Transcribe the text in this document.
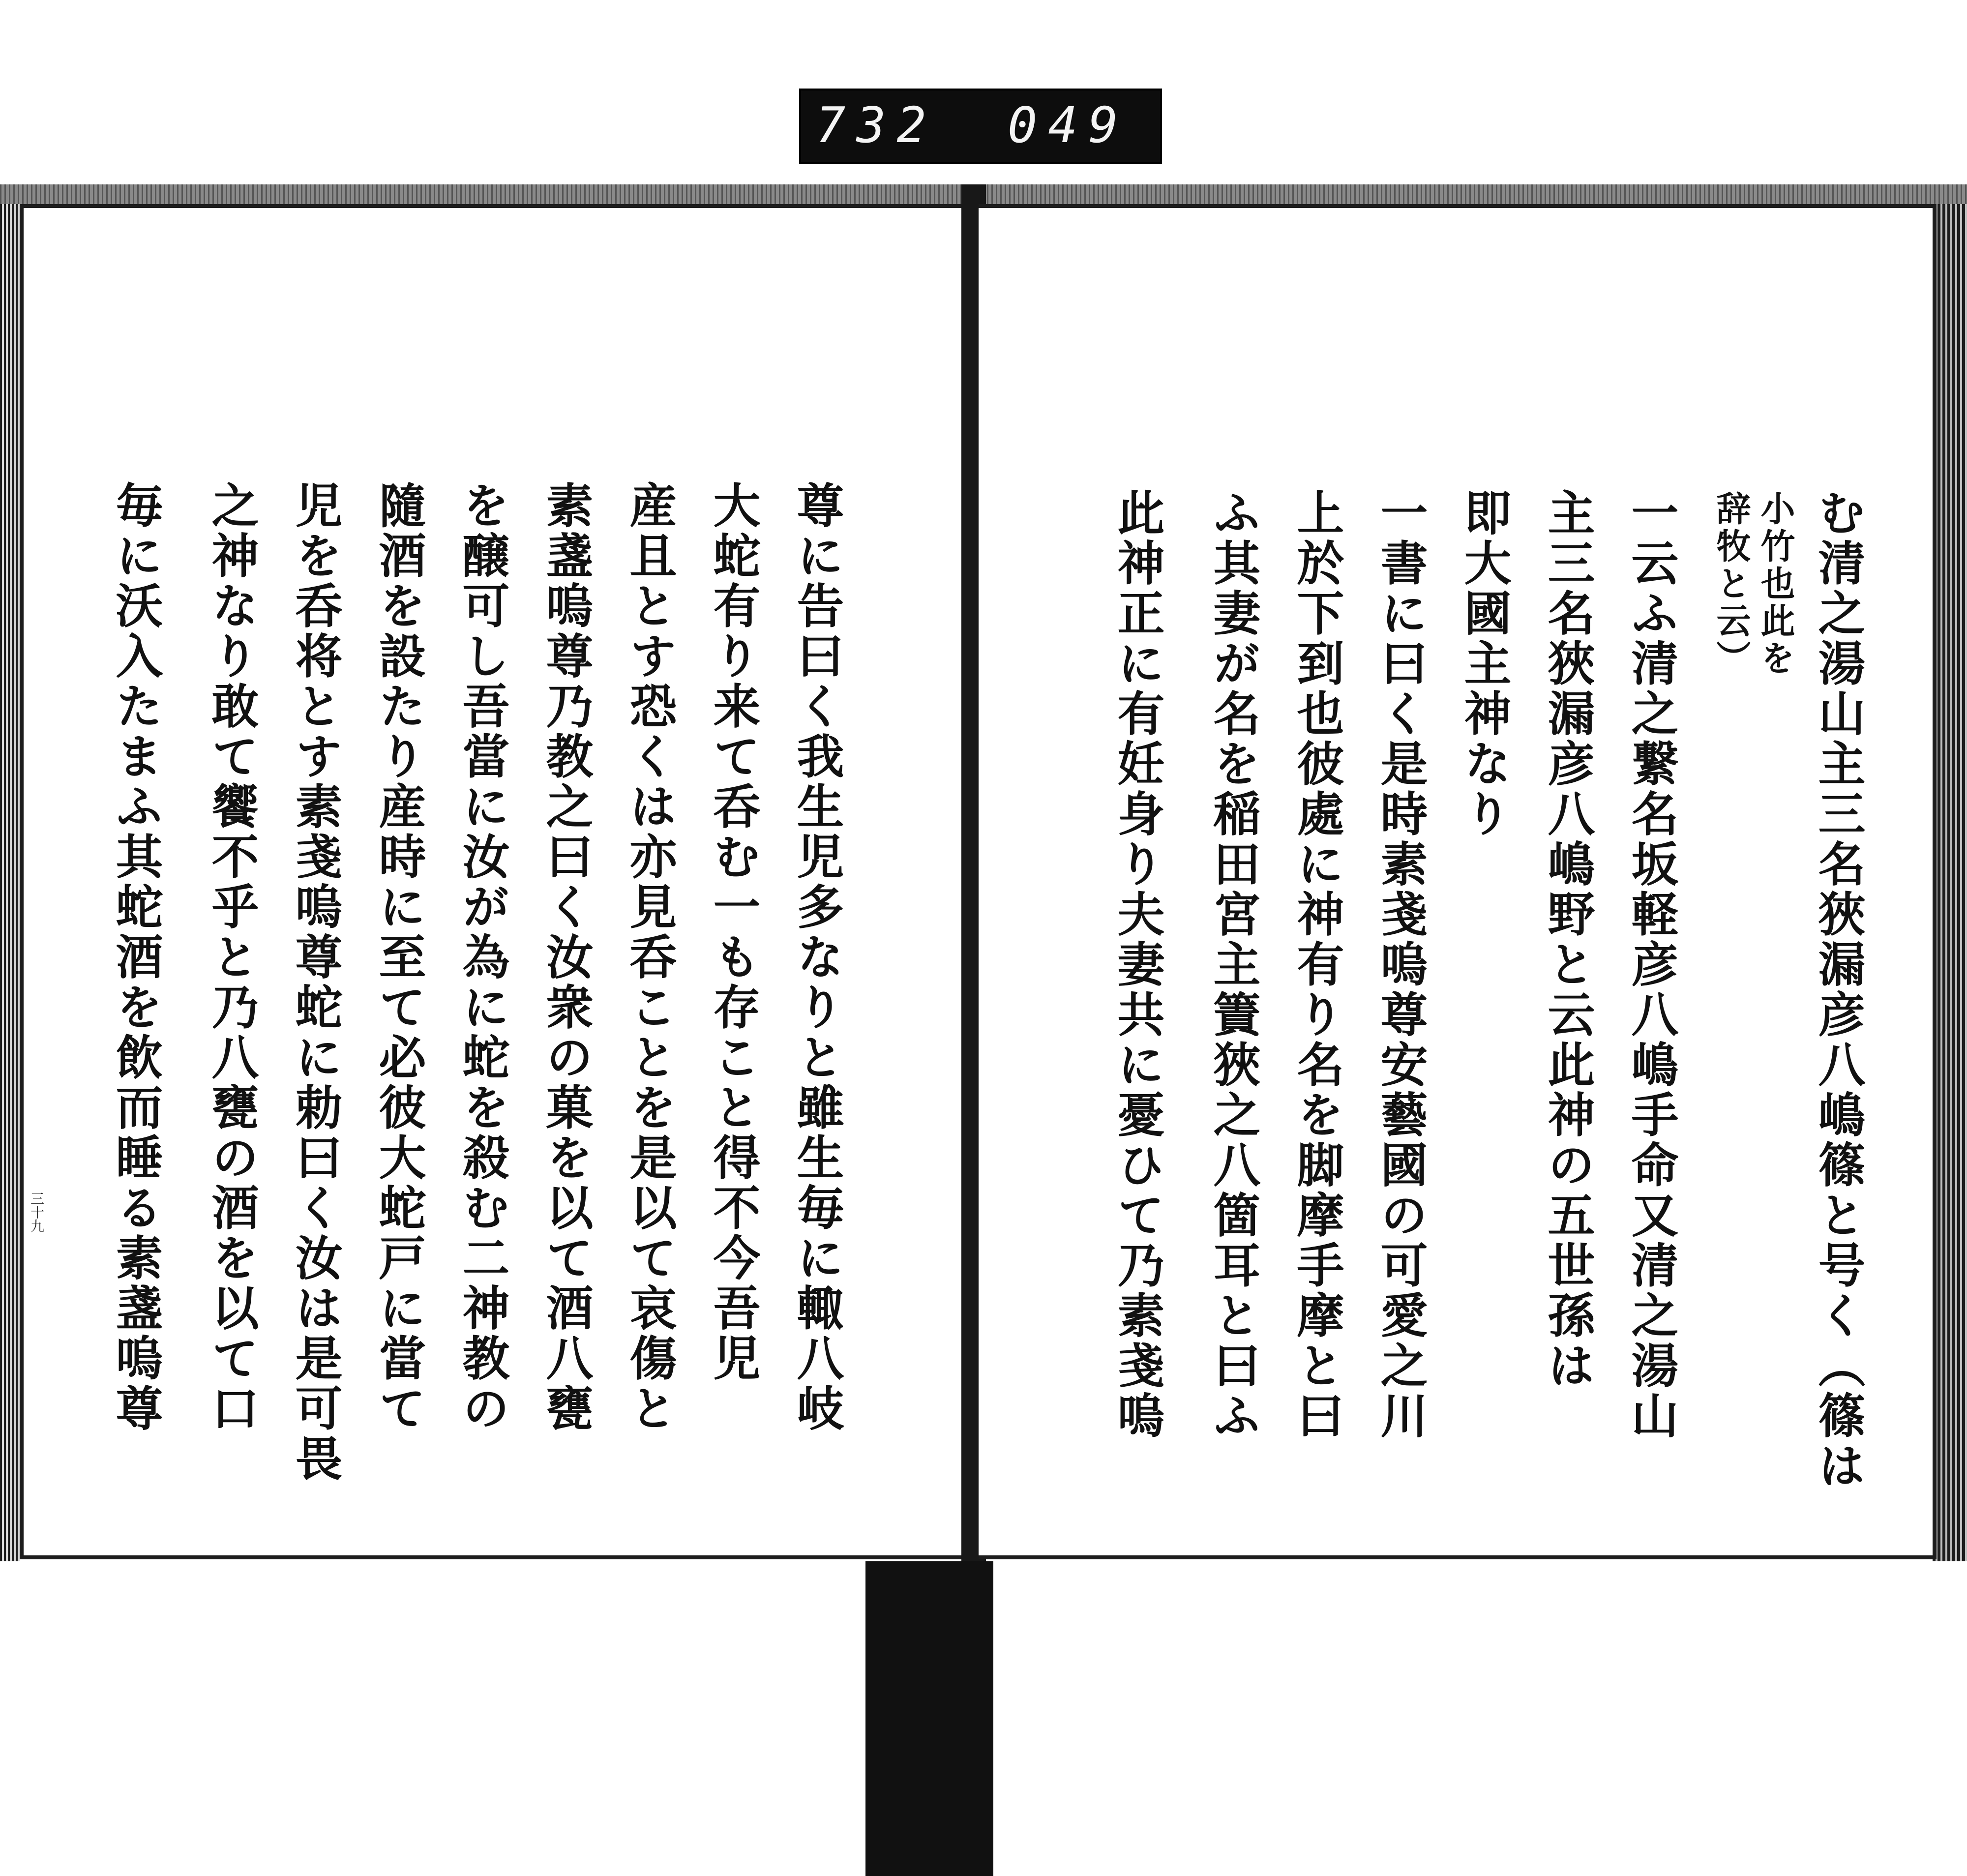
732 049
三十九	尊に告曰く我生児多なりと雖生毎に輙八岐
大蛇有り来て呑む一も存こと得不今吾児
産且とす恐くは亦見呑ことを是以て哀傷と
素盞嗚尊乃教之曰く汝衆の菓を以て酒八甕
を醸可し吾當に汝が為に蛇を殺む二神教の
隨酒を設たり産時に至て必彼大蛇戸に當て
児を呑将とす素戔嗚尊蛇に勅曰く汝は是可畏
之神なり敢て饗不乎と乃八甕の酒を以て口
毎に沃入たまふ其蛇酒を飲而睡る素盞嗚尊	む清之湯山主三名狹漏彦八嶋篠と号く（篠は
小竹也此を
辞牧と云）
一云ふ清之繋名坂軽彦八嶋手命又清之湯山
主三名狹漏彦八嶋野と云此神の五世孫は
即大國主神なり
一書に曰く是時素戔嗚尊安藝國の可愛之川
上於下到也彼處に神有り名を脚摩手摩と曰
ふ其妻が名を稲田宮主簀狹之八箇耳と曰ふ
此神正に有妊身り夫妻共に憂ひて乃素戔嗚
